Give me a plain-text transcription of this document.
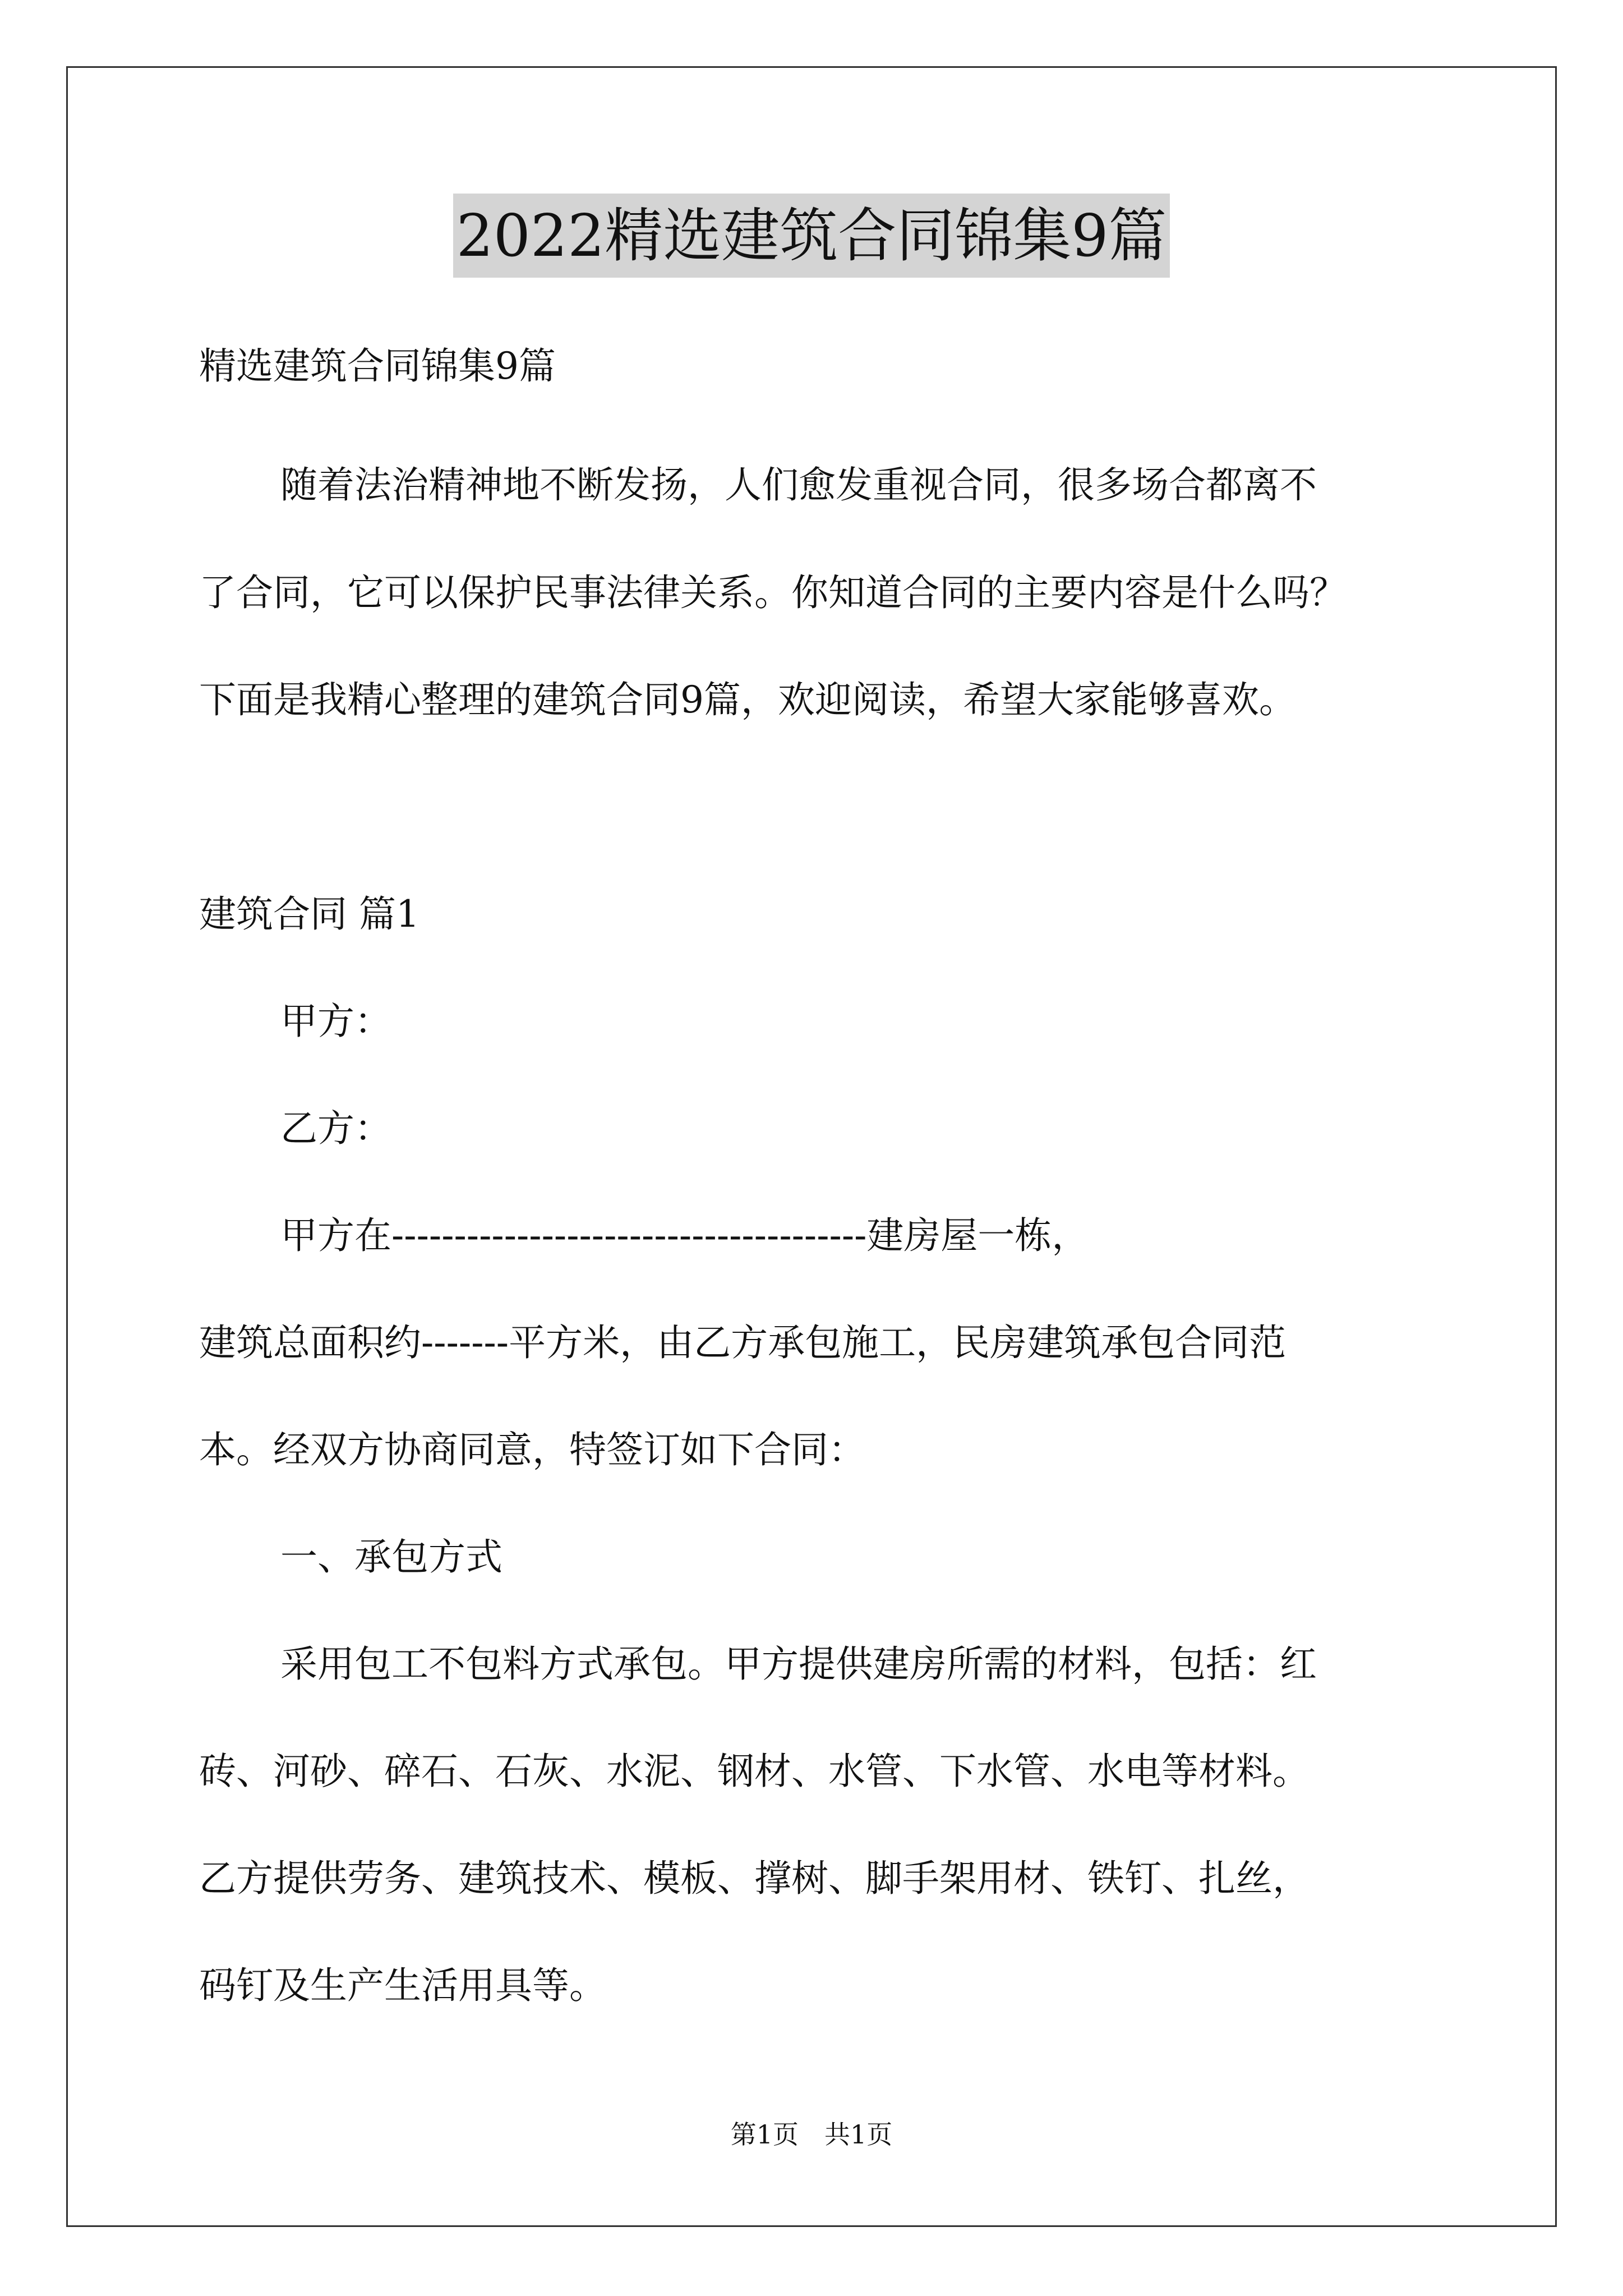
2022精选建筑合同锦集9篇
精选建筑合同锦集9篇
随着法治精神地不断发扬，人们愈发重视合同，很多场合都离不
了合同，它可以保护民事法律关系。你知道合同的主要内容是什么吗？
下面是我精心整理的建筑合同9篇，欢迎阅读，希望大家能够喜欢。
建筑合同 篇1
甲方：
乙方：
甲方在--------------------------------------建房屋一栋，
建筑总面积约-------平方米，由乙方承包施工，民房建筑承包合同范
本。经双方协商同意，特签订如下合同：
一、承包方式
采用包工不包料方式承包。甲方提供建房所需的材料，包括：红
砖、河砂、碎石、石灰、水泥、钢材、水管、下水管、水电等材料。
乙方提供劳务、建筑技术、模板、撑树、脚手架用材、铁钉、扎丝，
码钉及生产生活用具等。
第1页　共1页
